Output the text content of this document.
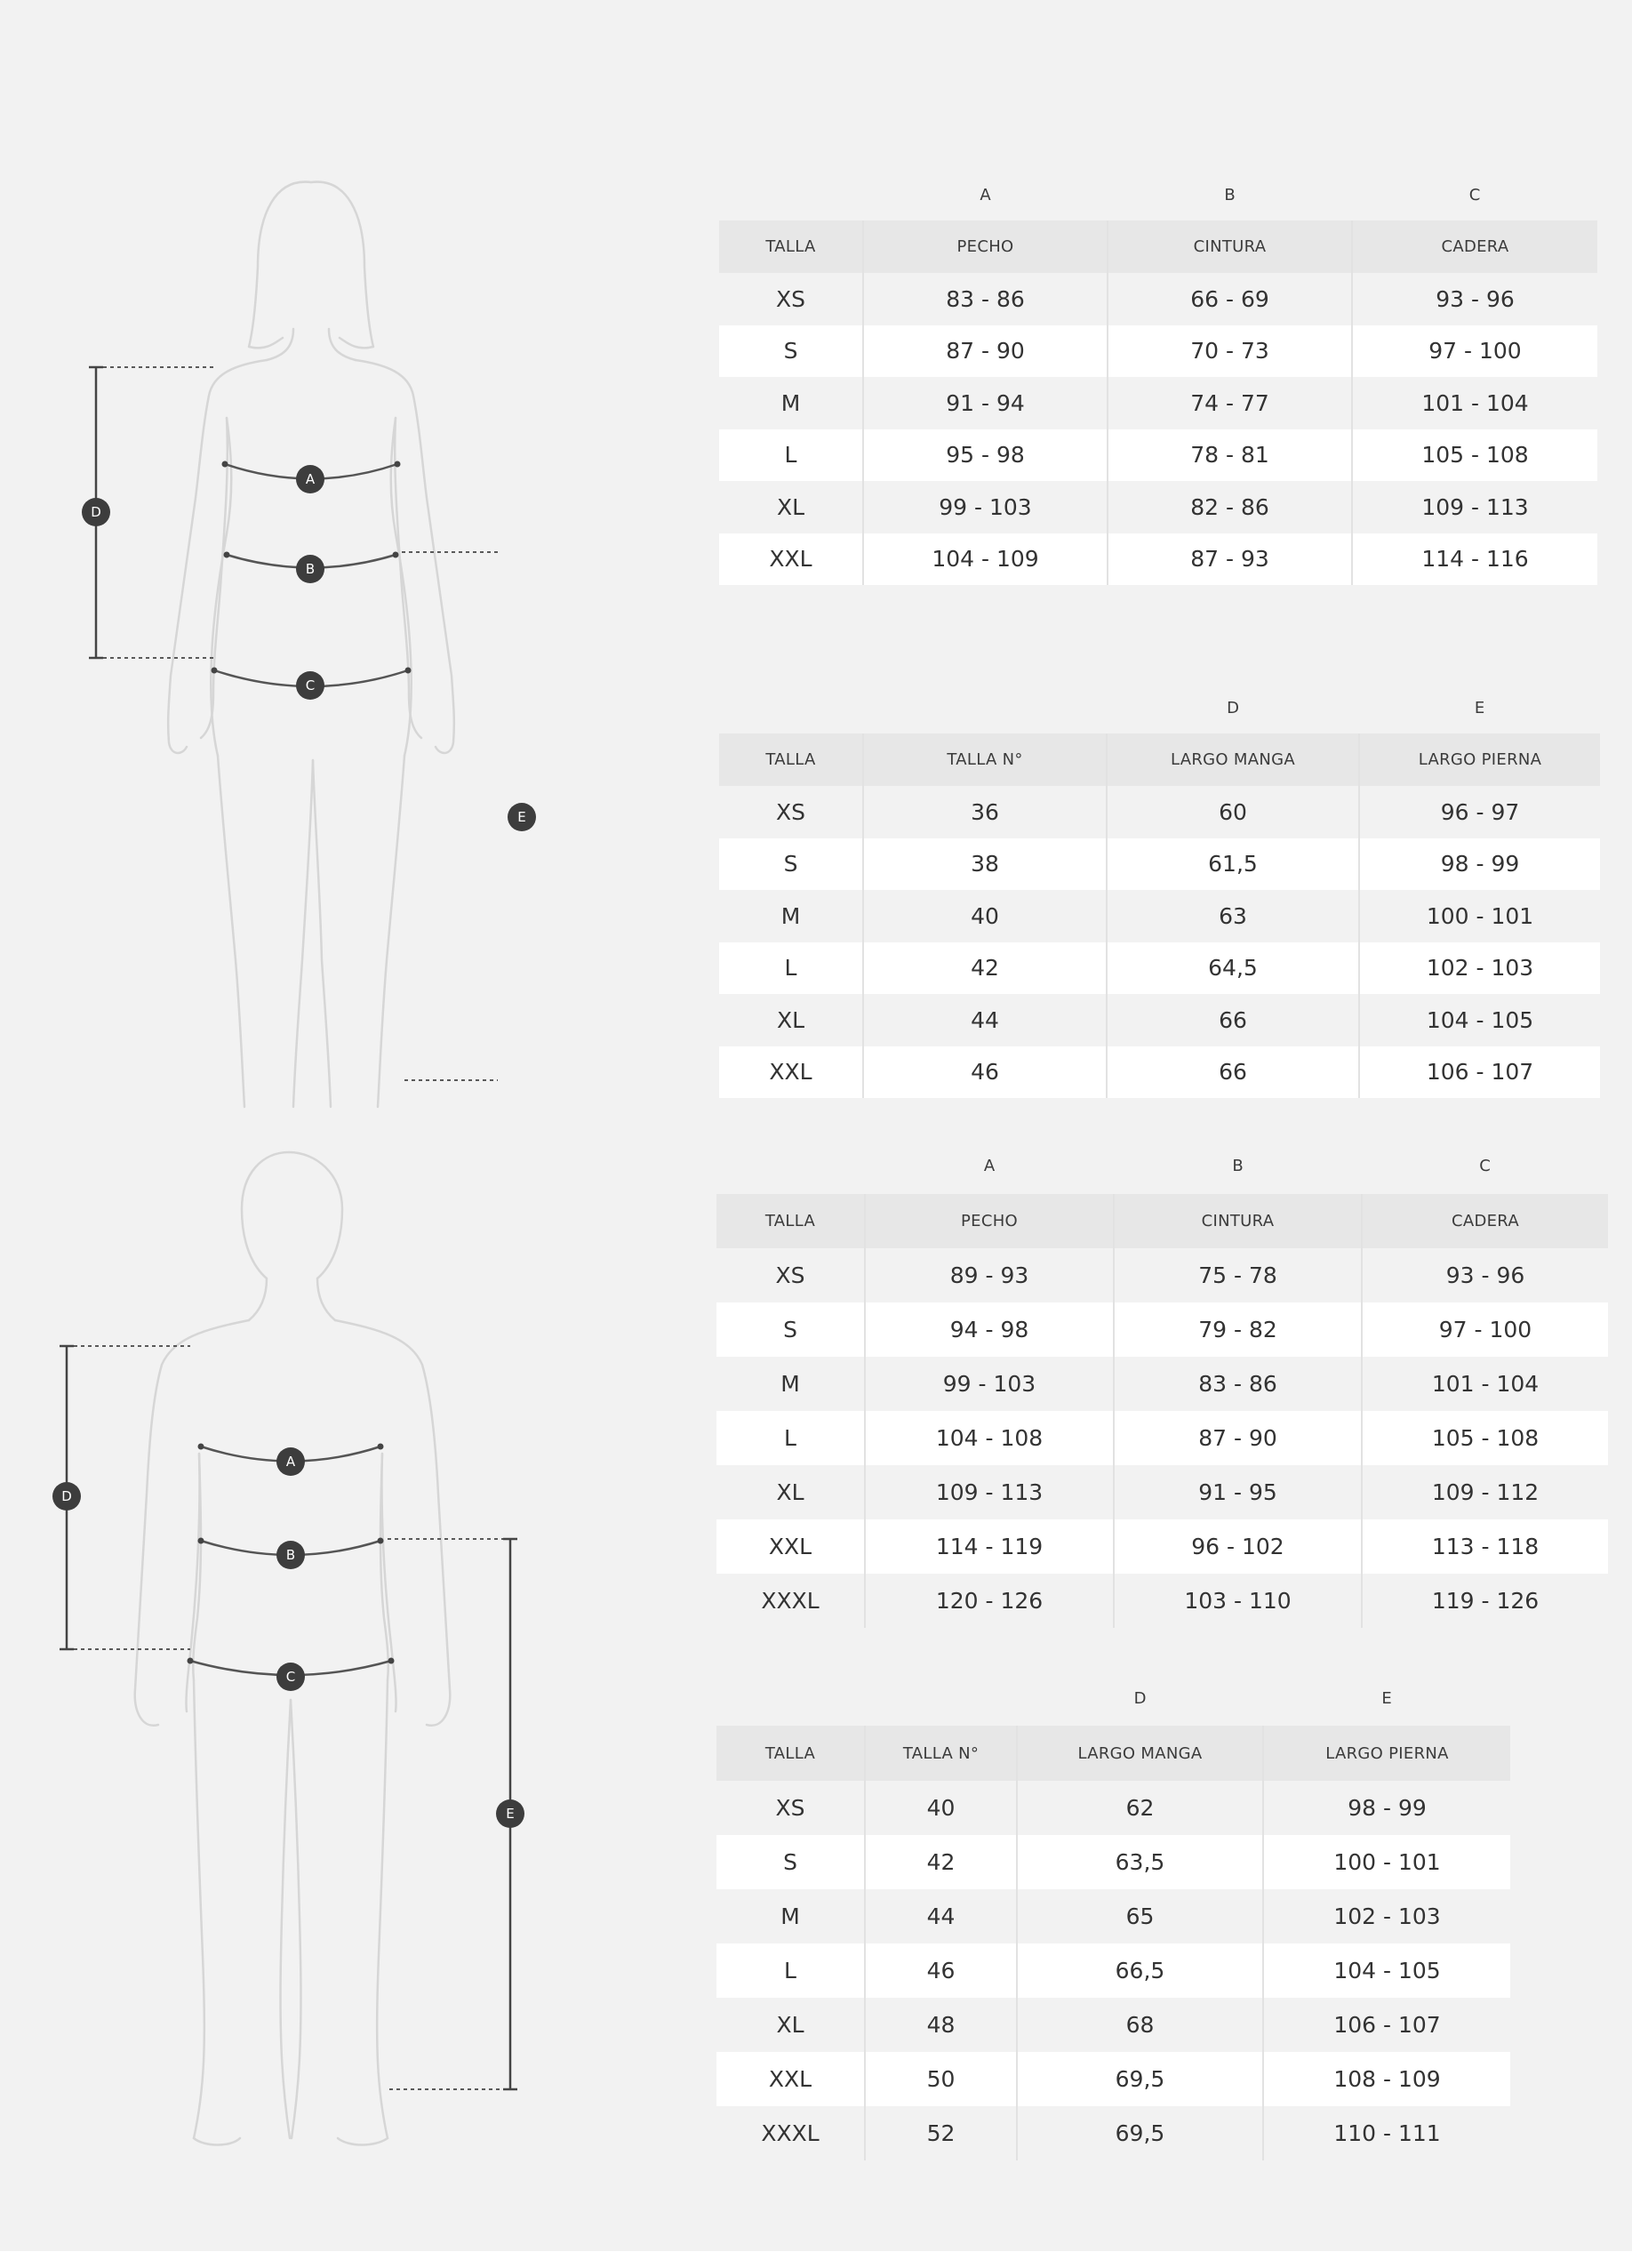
A
B
C
D
E
A
B
C
D
E
	A	B	C
TALLA	PECHO	CINTURA	CADERA
XS	83 - 86	66 - 69	93 - 96
S	87 - 90	70 - 73	97 - 100
M	91 - 94	74 - 77	101 - 104
L	95 - 98	78 - 81	105 - 108
XL	99 - 103	82 - 86	109 - 113
XXL	104 - 109	87 - 93	114 - 116
		D	E
TALLA	TALLA N°	LARGO MANGA	LARGO PIERNA
XS	36	60	96 - 97
S	38	61,5	98 - 99
M	40	63	100 - 101
L	42	64,5	102 - 103
XL	44	66	104 - 105
XXL	46	66	106 - 107
	A	B	C
TALLA	PECHO	CINTURA	CADERA
XS	89 - 93	75 - 78	93 - 96
S	94 - 98	79 - 82	97 - 100
M	99 - 103	83 - 86	101 - 104
L	104 - 108	87 - 90	105 - 108
XL	109 - 113	91 - 95	109 - 112
XXL	114 - 119	96 - 102	113 - 118
XXXL	120 - 126	103 - 110	119 - 126
		D	E
TALLA	TALLA N°	LARGO MANGA	LARGO PIERNA
XS	40	62	98 - 99
S	42	63,5	100 - 101
M	44	65	102 - 103
L	46	66,5	104 - 105
XL	48	68	106 - 107
XXL	50	69,5	108 - 109
XXXL	52	69,5	110 - 111
